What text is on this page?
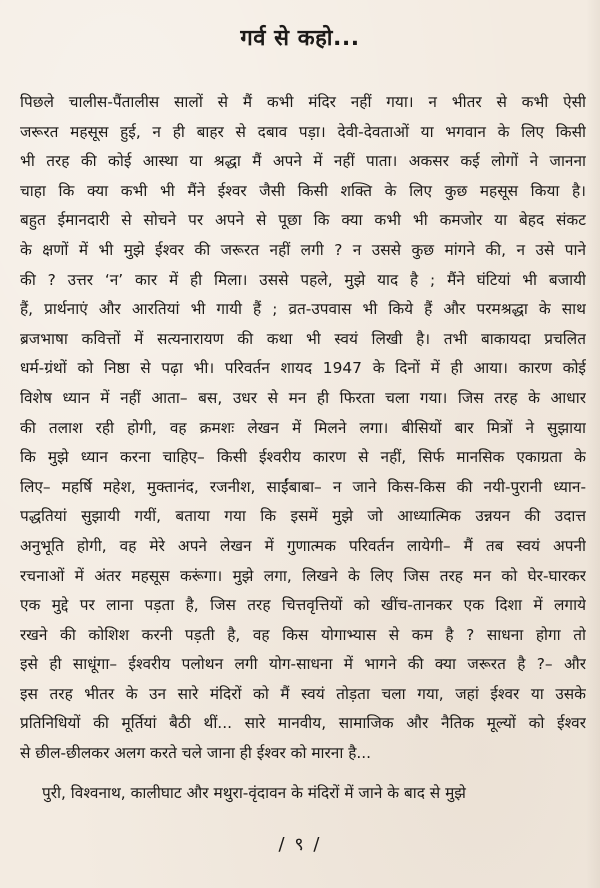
गर्व से कहो...
पिछले चालीस-पैंतालीस सालों से मैं कभी मंदिर नहीं गया। न भीतर से कभी ऐसी
जरूरत महसूस हुई, न ही बाहर से दबाव पड़ा। देवी-देवताओं या भगवान के लिए किसी
भी तरह की कोई आस्था या श्रद्धा मैं अपने में नहीं पाता। अकसर कई लोगों ने जानना
चाहा कि क्या कभी भी मैंने ईश्वर जैसी किसी शक्ति के लिए कुछ महसूस किया है।
बहुत ईमानदारी से सोचने पर अपने से पूछा कि क्या कभी भी कमजोर या बेहद संकट
के क्षणों में भी मुझे ईश्वर की जरूरत नहीं लगी ? न उससे कुछ मांगने की, न उसे पाने
की ? उत्तर ‘न’ कार में ही मिला। उससे पहले, मुझे याद है ; मैंने घंटियां भी बजायी
हैं, प्रार्थनाएं और आरतियां भी गायी हैं ; व्रत-उपवास भी किये हैं और परमश्रद्धा के साथ
ब्रजभाषा कवित्तों में सत्यनारायण की कथा भी स्वयं लिखी है। तभी बाकायदा प्रचलित
धर्म-ग्रंथों को निष्ठा से पढ़ा भी। परिवर्तन शायद 1947 के दिनों में ही आया। कारण कोई
विशेष ध्यान में नहीं आता– बस, उधर से मन ही फिरता चला गया। जिस तरह के आधार
की तलाश रही होगी, वह क्रमशः लेखन में मिलने लगा। बीसियों बार मित्रों ने सुझाया
कि मुझे ध्यान करना चाहिए– किसी ईश्वरीय कारण से नहीं, सिर्फ मानसिक एकाग्रता के
लिए– महर्षि महेश, मुक्तानंद, रजनीश, साईंबाबा– न जाने किस-किस की नयी-पुरानी ध्यान-
पद्धतियां सुझायी गयीं, बताया गया कि इसमें मुझे जो आध्यात्मिक उन्नयन की उदात्त
अनुभूति होगी, वह मेरे अपने लेखन में गुणात्मक परिवर्तन लायेगी– मैं तब स्वयं अपनी
रचनाओं में अंतर महसूस करूंगा। मुझे लगा, लिखने के लिए जिस तरह मन को घेर-घारकर
एक मुद्दे पर लाना पड़ता है, जिस तरह चित्तवृत्तियों को खींच-तानकर एक दिशा में लगाये
रखने की कोशिश करनी पड़ती है, वह किस योगाभ्यास से कम है ? साधना होगा तो
इसे ही साधूंगा– ईश्वरीय पलोथन लगी योग-साधना में भागने की क्या जरूरत है ?– और
इस तरह भीतर के उन सारे मंदिरों को मैं स्वयं तोड़ता चला गया, जहां ईश्वर या उसके
प्रतिनिधियों की मूर्तियां बैठी थीं... सारे मानवीय, सामाजिक और नैतिक मूल्यों को ईश्वर
से छील-छीलकर अलग करते चले जाना ही ईश्वर को मारना है...
पुरी, विश्वनाथ, कालीघाट और मथुरा-वृंदावन के मंदिरों में जाने के बाद से मुझे
/ ९ /
